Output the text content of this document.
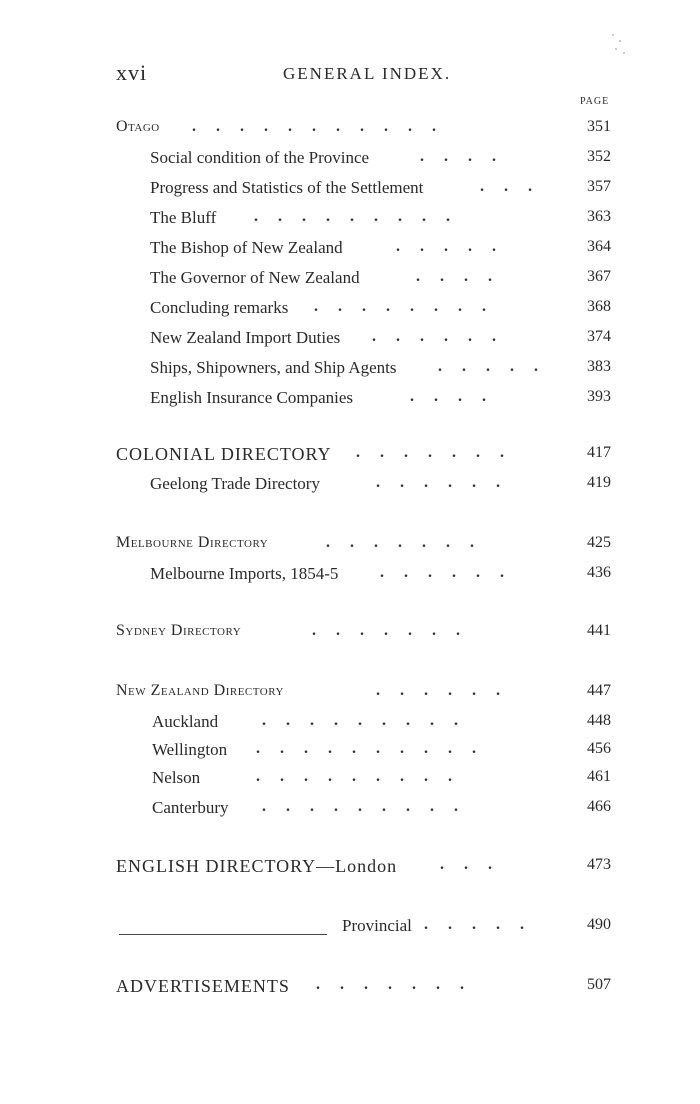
xvi	GENERAL INDEX.
PAGE
Otago ...........	351
Social condition of the Province	....	352
Progress and Statistics of the Settlement	...	357
The Bluff .........	363
The Bishop of New Zealand	.....	364
The Governor of New Zealand	....	367
Concluding remarks ........	368
New Zealand Import Duties ......	374
Ships, Shipowners, and Ship Agents	.....	383
English Insurance Companies	....	393
COLONIAL DIRECTORY .......	417
Geelong Trade Directory	......	419
Melbourne Directory	.......	425
Melbourne Imports, 1854-5	......	436
Sydney Directory	.......	441
New Zealand Directory	......	447
Auckland	.........	448
Wellington ..........	456
Nelson	.........	461
Canterbury .........	466
ENGLISH DIRECTORY—London	...	473
Provincial .....	490
ADVERTISEMENTS .......	507
